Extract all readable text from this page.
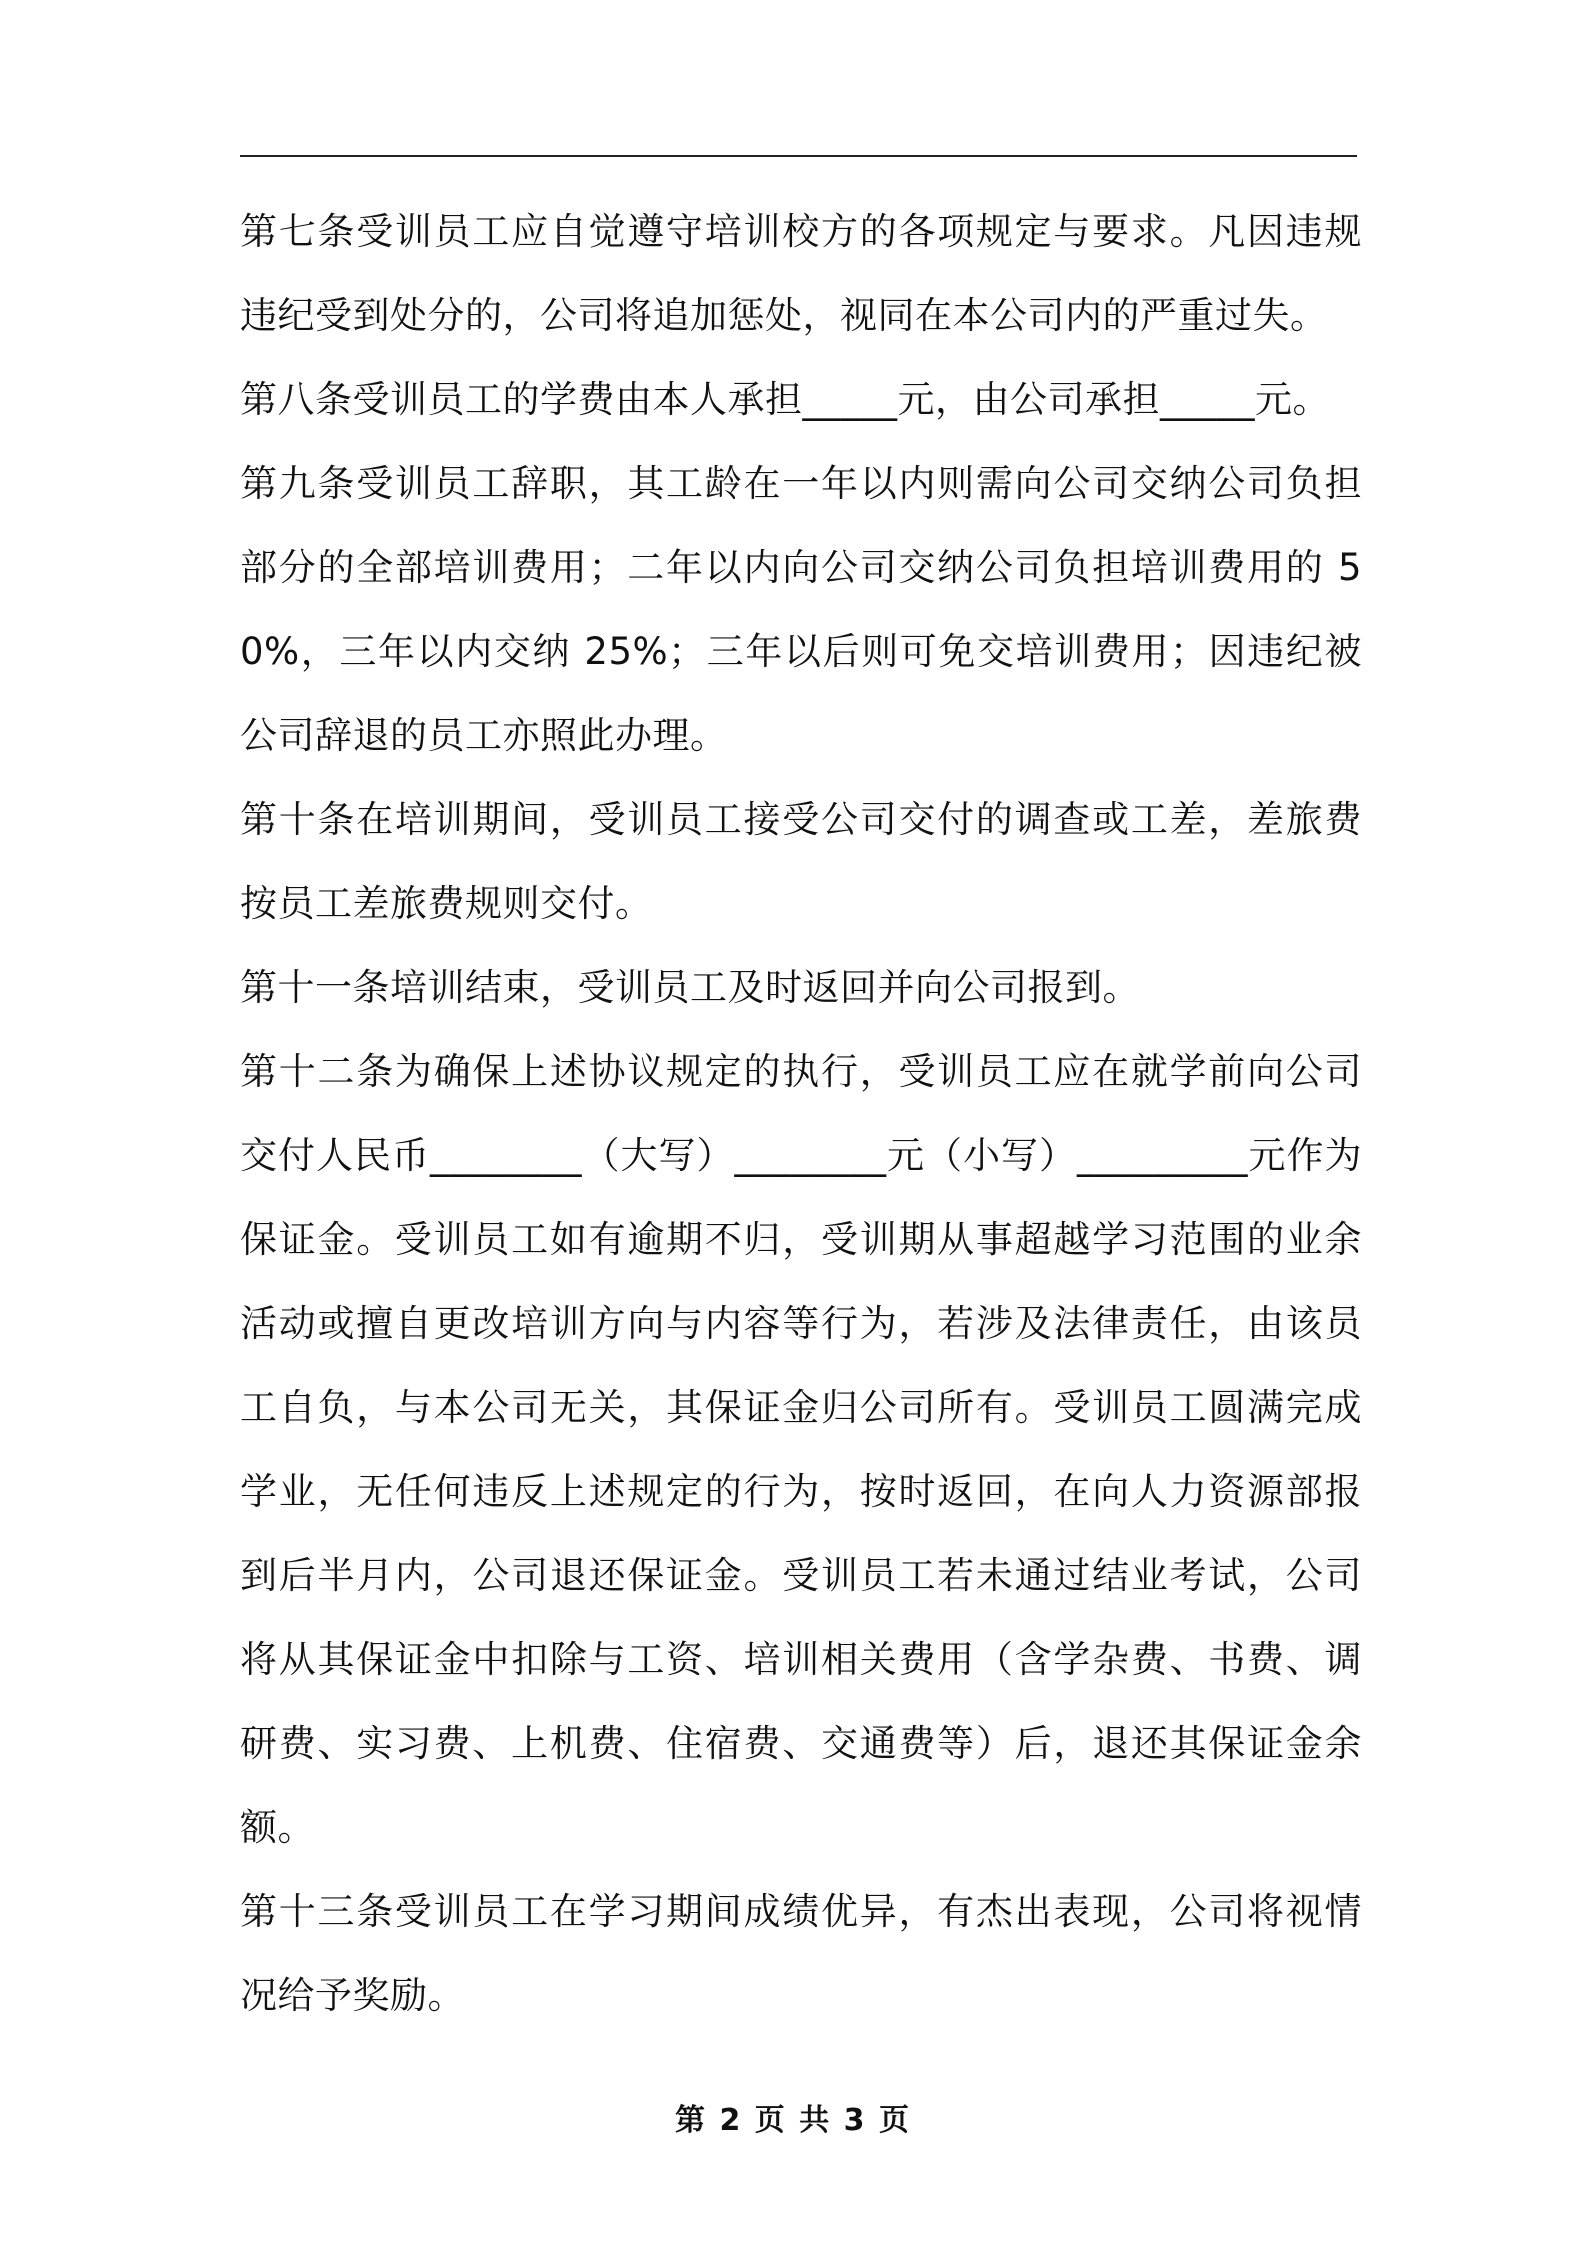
第七条受训员工应自觉遵守培训校方的各项规定与要求。凡因违规违纪受到处分的，公司将追加惩处，视同在本公司内的严重过失。

第八条受训员工的学费由本人承担_____元，由公司承担_____元。

第九条受训员工辞职，其工龄在一年以内则需向公司交纳公司负担部分的全部培训费用；二年以内向公司交纳公司负担培训费用的 50%，三年以内交纳 25%；三年以后则可免交培训费用；因违纪被公司辞退的员工亦照此办理。

第十条在培训期间，受训员工接受公司交付的调查或工差，差旅费按员工差旅费规则交付。

第十一条培训结束，受训员工及时返回并向公司报到。

第十二条为确保上述协议规定的执行，受训员工应在就学前向公司交付人民币________（大写）________元（小写）_________元作为保证金。受训员工如有逾期不归，受训期从事超越学习范围的业余活动或擅自更改培训方向与内容等行为，若涉及法律责任，由该员工自负，与本公司无关，其保证金归公司所有。受训员工圆满完成学业，无任何违反上述规定的行为，按时返回，在向人力资源部报到后半月内，公司退还保证金。受训员工若未通过结业考试，公司将从其保证金中扣除与工资、培训相关费用（含学杂费、书费、调研费、实习费、上机费、住宿费、交通费等）后，退还其保证金余额。

第十三条受训员工在学习期间成绩优异，有杰出表现，公司将视情况给予奖励。

第 2 页 共 3 页
